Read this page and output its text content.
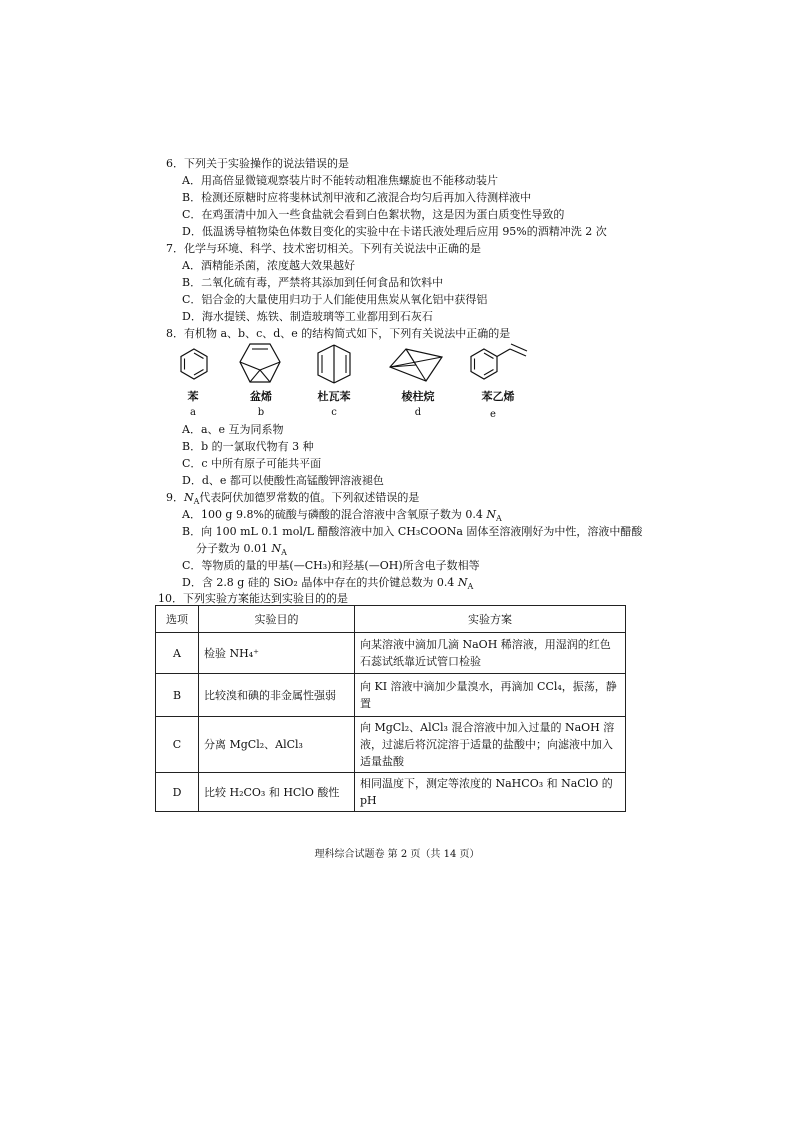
6．下列关于实验操作的说法错误的是
A．用高倍显微镜观察装片时不能转动粗准焦螺旋也不能移动装片
B．检测还原糖时应将斐林试剂甲液和乙液混合均匀后再加入待测样液中
C．在鸡蛋清中加入一些食盐就会看到白色絮状物，这是因为蛋白质变性导致的
D．低温诱导植物染色体数目变化的实验中在卡诺氏液处理后应用 95%的酒精冲洗 2 次
7．化学与环境、科学、技术密切相关。下列有关说法中正确的是
A．酒精能杀菌，浓度越大效果越好
B．二氧化硫有毒，严禁将其添加到任何食品和饮料中
C．铝合金的大量使用归功于人们能使用焦炭从氧化铝中获得铝
D．海水提镁、炼铁、制造玻璃等工业都用到石灰石
8．有机物 a、b、c、d、e 的结构简式如下，下列有关说法中正确的是
苯	盆烯	杜瓦苯	棱柱烷	苯乙烯
a	b	c	d	e
A．a、e 互为同系物
B．b 的一氯取代物有 3 种
C．c 中所有原子可能共平面
D．d、e 都可以使酸性高锰酸钾溶液褪色
9．$N_A$代表阿伏加德罗常数的值。下列叙述错误的是
A．100 g 9.8%的硫酸与磷酸的混合溶液中含氧原子数为 0.4 $N_A$
B．向 100 mL 0.1 mol/L 醋酸溶液中加入 CH₃COONa 固体至溶液刚好为中性，溶液中醋酸
分子数为 0.01 $N_A$
C．等物质的量的甲基(—CH₃)和羟基(—OH)所含电子数相等
D．含 2.8 g 硅的 SiO₂ 晶体中存在的共价键总数为 0.4 $N_A$
10．下列实验方案能达到实验目的的是
选项	实验目的	实验方案
A	检验 NH₄⁺	向某溶液中滴加几滴 NaOH 稀溶液，用湿润的红色石蕊试纸靠近试管口检验
B	比较溴和碘的非金属性强弱	向 KI 溶液中滴加少量溴水，再滴加 CCl₄，振荡，静置
C	分离 MgCl₂、AlCl₃	向 MgCl₂、AlCl₃ 混合溶液中加入过量的 NaOH 溶液，过滤后将沉淀溶于适量的盐酸中；向滤液中加入适量盐酸
D	比较 H₂CO₃ 和 HClO 酸性	相同温度下，测定等浓度的 NaHCO₃ 和 NaClO 的 pH
理科综合试题卷 第 2 页（共 14 页）
